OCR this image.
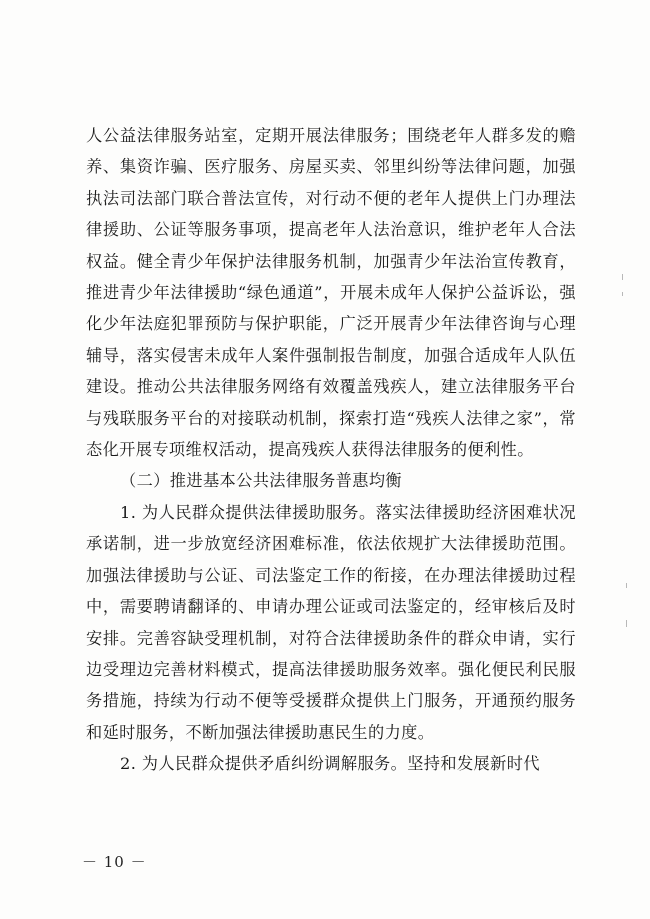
人公益法律服务站室，定期开展法律服务；围绕老年人群多发的赡养、集资诈骗、医疗服务、房屋买卖、邻里纠纷等法律问题，加强执法司法部门联合普法宣传，对行动不便的老年人提供上门办理法律援助、公证等服务事项，提高老年人法治意识，维护老年人合法权益。健全青少年保护法律服务机制，加强青少年法治宣传教育，推进青少年法律援助“绿色通道”，开展未成年人保护公益诉讼，强化少年法庭犯罪预防与保护职能，广泛开展青少年法律咨询与心理辅导，落实侵害未成年人案件强制报告制度，加强合适成年人队伍建设。推动公共法律服务网络有效覆盖残疾人，建立法律服务平台与残联服务平台的对接联动机制，探索打造“残疾人法律之家”，常态化开展专项维权活动，提高残疾人获得法律服务的便利性。

（二）推进基本公共法律服务普惠均衡

1. 为人民群众提供法律援助服务。落实法律援助经济困难状况承诺制，进一步放宽经济困难标准，依法依规扩大法律援助范围。加强法律援助与公证、司法鉴定工作的衔接，在办理法律援助过程中，需要聘请翻译的、申请办理公证或司法鉴定的，经审核后及时安排。完善容缺受理机制，对符合法律援助条件的群众申请，实行边受理边完善材料模式，提高法律援助服务效率。强化便民利民服务措施，持续为行动不便等受援群众提供上门服务，开通预约服务和延时服务，不断加强法律援助惠民生的力度。

2. 为人民群众提供矛盾纠纷调解服务。坚持和发展新时代

－ 10 －
